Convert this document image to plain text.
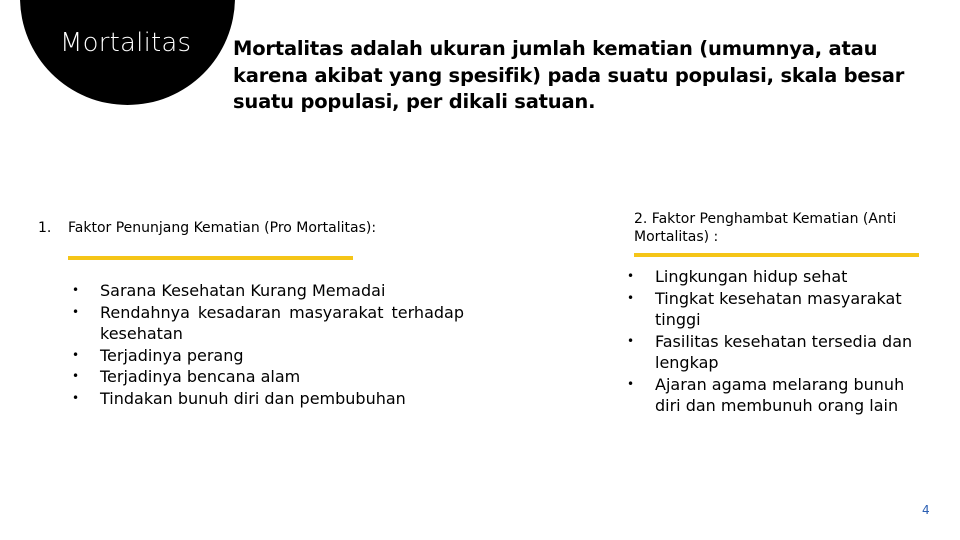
Mortalitas Mortalitas adalah ukuran jumlah kematian (umumnya, atau karena akibat yang spesifik) pada suatu populasi, skala besar suatu populasi, per dikali satuan.
1. Faktor Penunjang Kematian (Pro Mortalitas):
• Sarana Kesehatan Kurang Memadai
• Rendahnya kesadaran masyarakat terhadap kesehatan
• Terjadinya perang
• Terjadinya bencana alam
• Tindakan bunuh diri dan pembubuhan
2. Faktor Penghambat Kematian (Anti Mortalitas) :
• Lingkungan hidup sehat
• Tingkat kesehatan masyarakat tinggi
• Fasilitas kesehatan tersedia dan lengkap
• Ajaran agama melarang bunuh diri dan membunuh orang lain
4
